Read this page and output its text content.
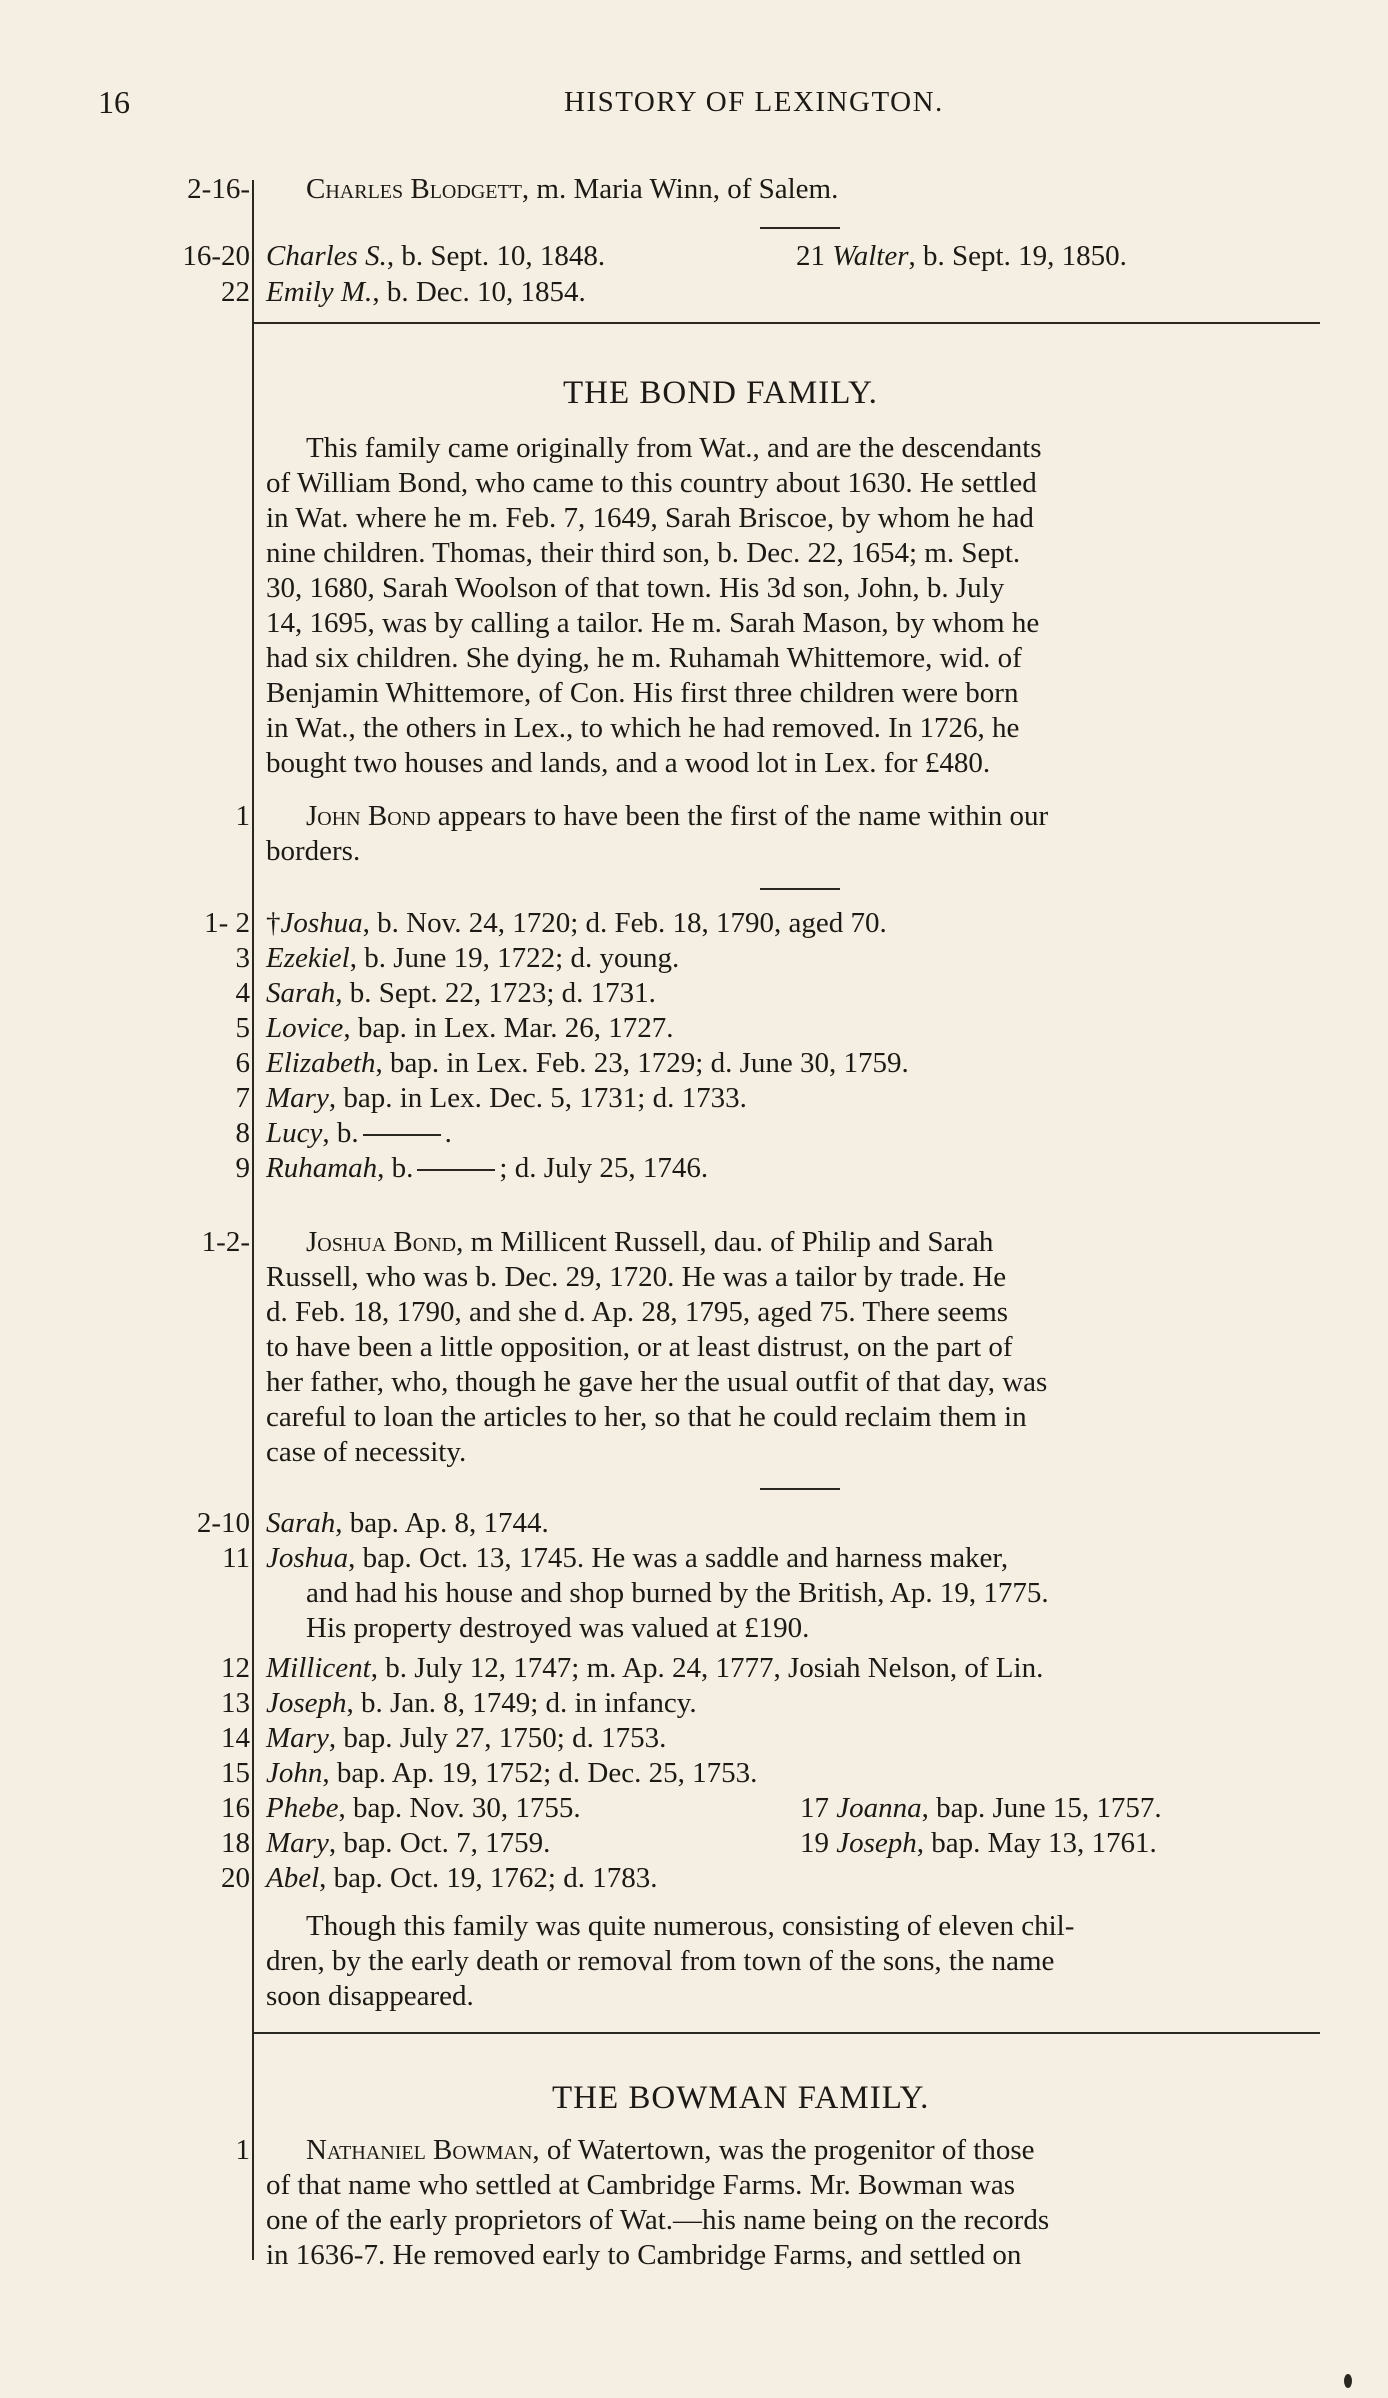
16	HISTORY OF LEXINGTON.
2-16- Charles Blodgett, m. Maria Winn, of Salem.
16-20 Charles S., b. Sept. 10, 1848.	21 Walter, b. Sept. 19, 1850.
22 Emily M., b. Dec. 10, 1854.
THE BOND FAMILY.
This family came originally from Wat., and are the descendants
of William Bond, who came to this country about 1630. He settled
in Wat. where he m. Feb. 7, 1649, Sarah Briscoe, by whom he had
nine children. Thomas, their third son, b. Dec. 22, 1654; m. Sept.
30, 1680, Sarah Woolson of that town. His 3d son, John, b. July
14, 1695, was by calling a tailor. He m. Sarah Mason, by whom he
had six children. She dying, he m. Ruhamah Whittemore, wid. of
Benjamin Whittemore, of Con. His first three children were born
in Wat., the others in Lex., to which he had removed. In 1726, he
bought two houses and lands, and a wood lot in Lex. for £480.
1 John Bond appears to have been the first of the name within our
borders.
1- 2 †Joshua, b. Nov. 24, 1720; d. Feb. 18, 1790, aged 70.
3 Ezekiel, b. June 19, 1722; d. young.
4 Sarah, b. Sept. 22, 1723; d. 1731.
5 Lovice, bap. in Lex. Mar. 26, 1727.
6 Elizabeth, bap. in Lex. Feb. 23, 1729; d. June 30, 1759.
7 Mary, bap. in Lex. Dec. 5, 1731; d. 1733.
8 Lucy, b.	.
9 Ruhamah, b.	; d. July 25, 1746.
1-2- Joshua Bond, m Millicent Russell, dau. of Philip and Sarah
Russell, who was b. Dec. 29, 1720. He was a tailor by trade. He
d. Feb. 18, 1790, and she d. Ap. 28, 1795, aged 75. There seems
to have been a little opposition, or at least distrust, on the part of
her father, who, though he gave her the usual outfit of that day, was
careful to loan the articles to her, so that he could reclaim them in
case of necessity.
2-10 Sarah, bap. Ap. 8, 1744.
11 Joshua, bap. Oct. 13, 1745. He was a saddle and harness maker,
and had his house and shop burned by the British, Ap. 19, 1775.
His property destroyed was valued at £190.
12 Millicent, b. July 12, 1747; m. Ap. 24, 1777, Josiah Nelson, of Lin.
13 Joseph, b. Jan. 8, 1749; d. in infancy.
14 Mary, bap. July 27, 1750; d. 1753.
15 John, bap. Ap. 19, 1752; d. Dec. 25, 1753.
16 Phebe, bap. Nov. 30, 1755.	17 Joanna, bap. June 15, 1757.
18 Mary, bap. Oct. 7, 1759.	19 Joseph, bap. May 13, 1761.
20 Abel, bap. Oct. 19, 1762; d. 1783.
Though this family was quite numerous, consisting of eleven chil-
dren, by the early death or removal from town of the sons, the name
soon disappeared.
THE BOWMAN FAMILY.
1 Nathaniel Bowman, of Watertown, was the progenitor of those
of that name who settled at Cambridge Farms. Mr. Bowman was
one of the early proprietors of Wat.—his name being on the records
in 1636-7. He removed early to Cambridge Farms, and settled on
